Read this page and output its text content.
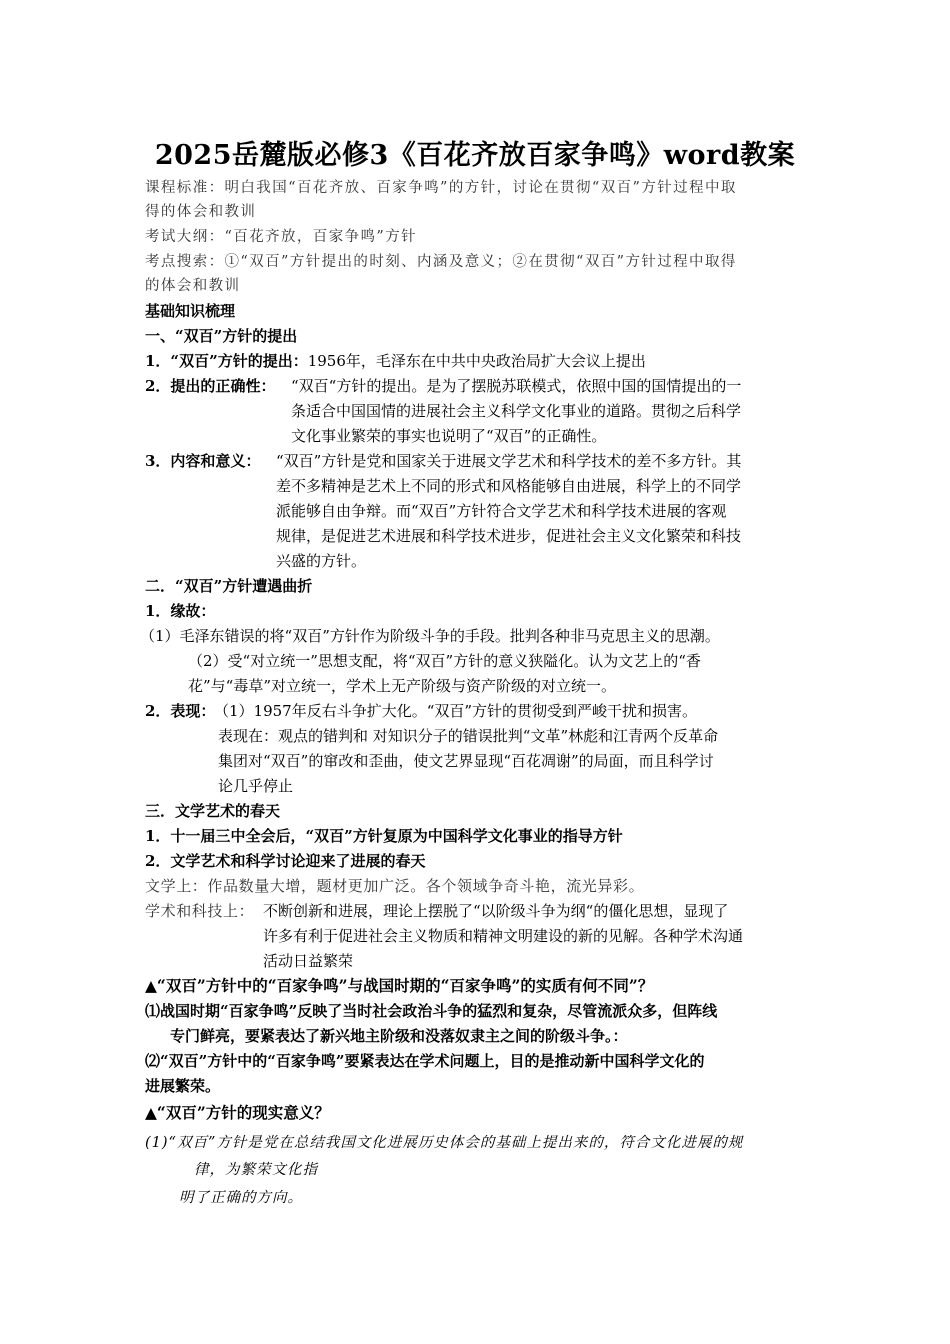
2025岳麓版必修3《百花齐放百家争鸣》word教案
课程标准：明白我国“百花齐放、百家争鸣”的方针，讨论在贯彻“双百”方针过程中取
得的体会和教训
考试大纲：“百花齐放，百家争鸣”方针
考点搜索：①“双百”方针提出的时刻、内涵及意义；②在贯彻“双百”方针过程中取得
的体会和教训
基础知识梳理
一、“双百”方针的提出
1．“双百”方针的提出：1956年，毛泽东在中共中央政治局扩大会议上提出
2．提出的正确性： “双百“方针的提出。是为了摆脱苏联模式，依照中国的国情提出的一
条适合中国国情的进展社会主义科学文化事业的道路。贯彻之后科学
文化事业繁荣的事实也说明了“双百”的正确性。
3．内容和意义： “双百”方针是党和国家关于进展文学艺术和科学技术的差不多方针。其
差不多精神是艺术上不同的形式和风格能够自由进展，科学上的不同学
派能够自由争辩。而“双百”方针符合文学艺术和科学技术进展的客观
规律，是促进艺术进展和科学技术进步，促进社会主义文化繁荣和科技
兴盛的方针。
二．“双百”方针遭遇曲折
1．缘故：
（1）毛泽东错误的将“双百”方针作为阶级斗争的手段。批判各种非马克思主义的思潮。
（2）受“对立统一”思想支配，将“双百”方针的意义狭隘化。认为文艺上的“香
花”与“毒草”对立统一，学术上无产阶级与资产阶级的对立统一。
2．表现：
（1）1957年反右斗争扩大化。“双百”方针的贯彻受到严峻干扰和损害。
表现在：观点的错判和 对知识分子的错误批判“文革”林彪和江青两个反革命
集团对“双百”的窜改和歪曲，使文艺界显现“百花凋谢”的局面，而且科学讨
论几乎停止
三．文学艺术的春天
1．十一届三中全会后，“双百”方针复原为中国科学文化事业的指导方针
2．文学艺术和科学讨论迎来了进展的春天
文学上：作品数量大增，题材更加广泛。各个领域争奇斗艳，流光异彩。
学术和科技上： 不断创新和进展，理论上摆脱了“以阶级斗争为纲“的僵化思想，显现了
许多有利于促进社会主义物质和精神文明建设的新的见解。各种学术沟通
活动日益繁荣
▲“双百”方针中的“百家争鸣”与战国时期的“百家争鸣”的实质有何不同”？
⑴战国时期“百家争鸣”反映了当时社会政治斗争的猛烈和复杂，尽管流派众多，但阵线
专门鲜亮，要紧表达了新兴地主阶级和没落奴隶主之间的阶级斗争。：
⑵“双百”方针中的“百家争鸣”要紧表达在学术问题上，目的是推动新中国科学文化的
进展繁荣。
▲“双百”方针的现实意义？
(1)“双百”方针是党在总结我国文化进展历史体会的基础上提出来的，符合文化进展的规
律，为繁荣文化指
明了正确的方向。
